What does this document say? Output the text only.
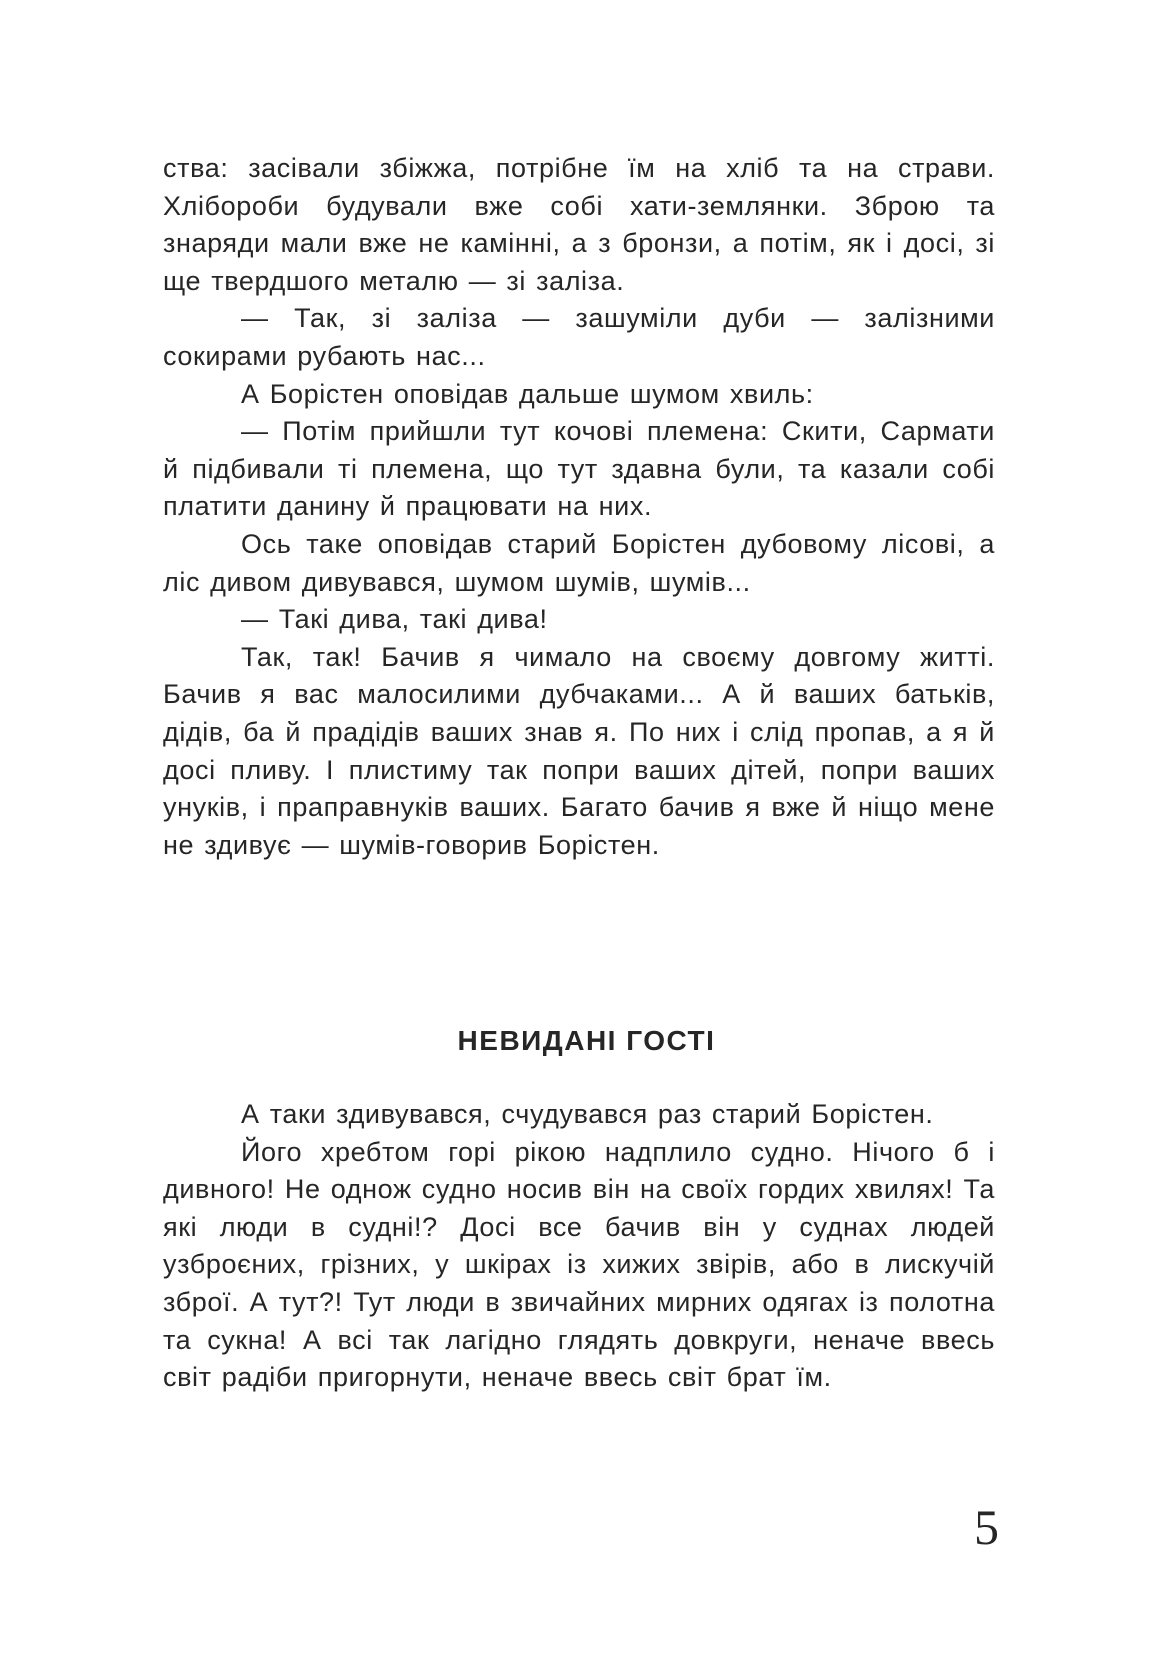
ства: засівали збіжжа, потрібне їм на хліб та на страви. Хлібороби будували вже собі хати-землянки. Зброю та знаряди мали вже не камінні, а з бронзи, а потім, як і досі, зі ще твердшого металю — зі заліза.

— Так, зі заліза — зашуміли дуби — залізними сокирами рубають нас...

А Борістен оповідав дальше шумом хвиль:

— Потім прийшли тут кочові племена: Скити, Сармати й підбивали ті племена, що тут здавна були, та казали собі платити данину й працювати на них.

Ось таке оповідав старий Борістен дубовому лісові, а ліс дивом дивувався, шумом шумів, шумів...

— Такі дива, такі дива!

Так, так! Бачив я чимало на своєму довгому житті. Бачив я вас малосилими дубчаками... А й ваших батьків, дідів, ба й прадідів ваших знав я. По них і слід пропав, а я й досі пливу. І плистиму так попри ваших дітей, попри ваших унуків, і праправнуків ваших. Багато бачив я вже й ніщо мене не здивує — шумів-говорив Борістен.

НЕВИДАНІ ГОСТІ

А таки здивувався, счудувався раз старий Борістен.

Його хребтом горі рікою надплило судно. Нічого б і дивного! Не однож судно носив він на своїх гордих хвилях! Та які люди в судні!? Досі все бачив він у суднах людей узброєних, грізних, у шкірах із хижих звірів, або в лискучій зброї. А тут?! Тут люди в звичайних мирних одягах із полотна та сукна! А всі так лагідно глядять довкруги, неначе ввесь світ радіби пригорнути, неначе ввесь світ брат їм.

5
